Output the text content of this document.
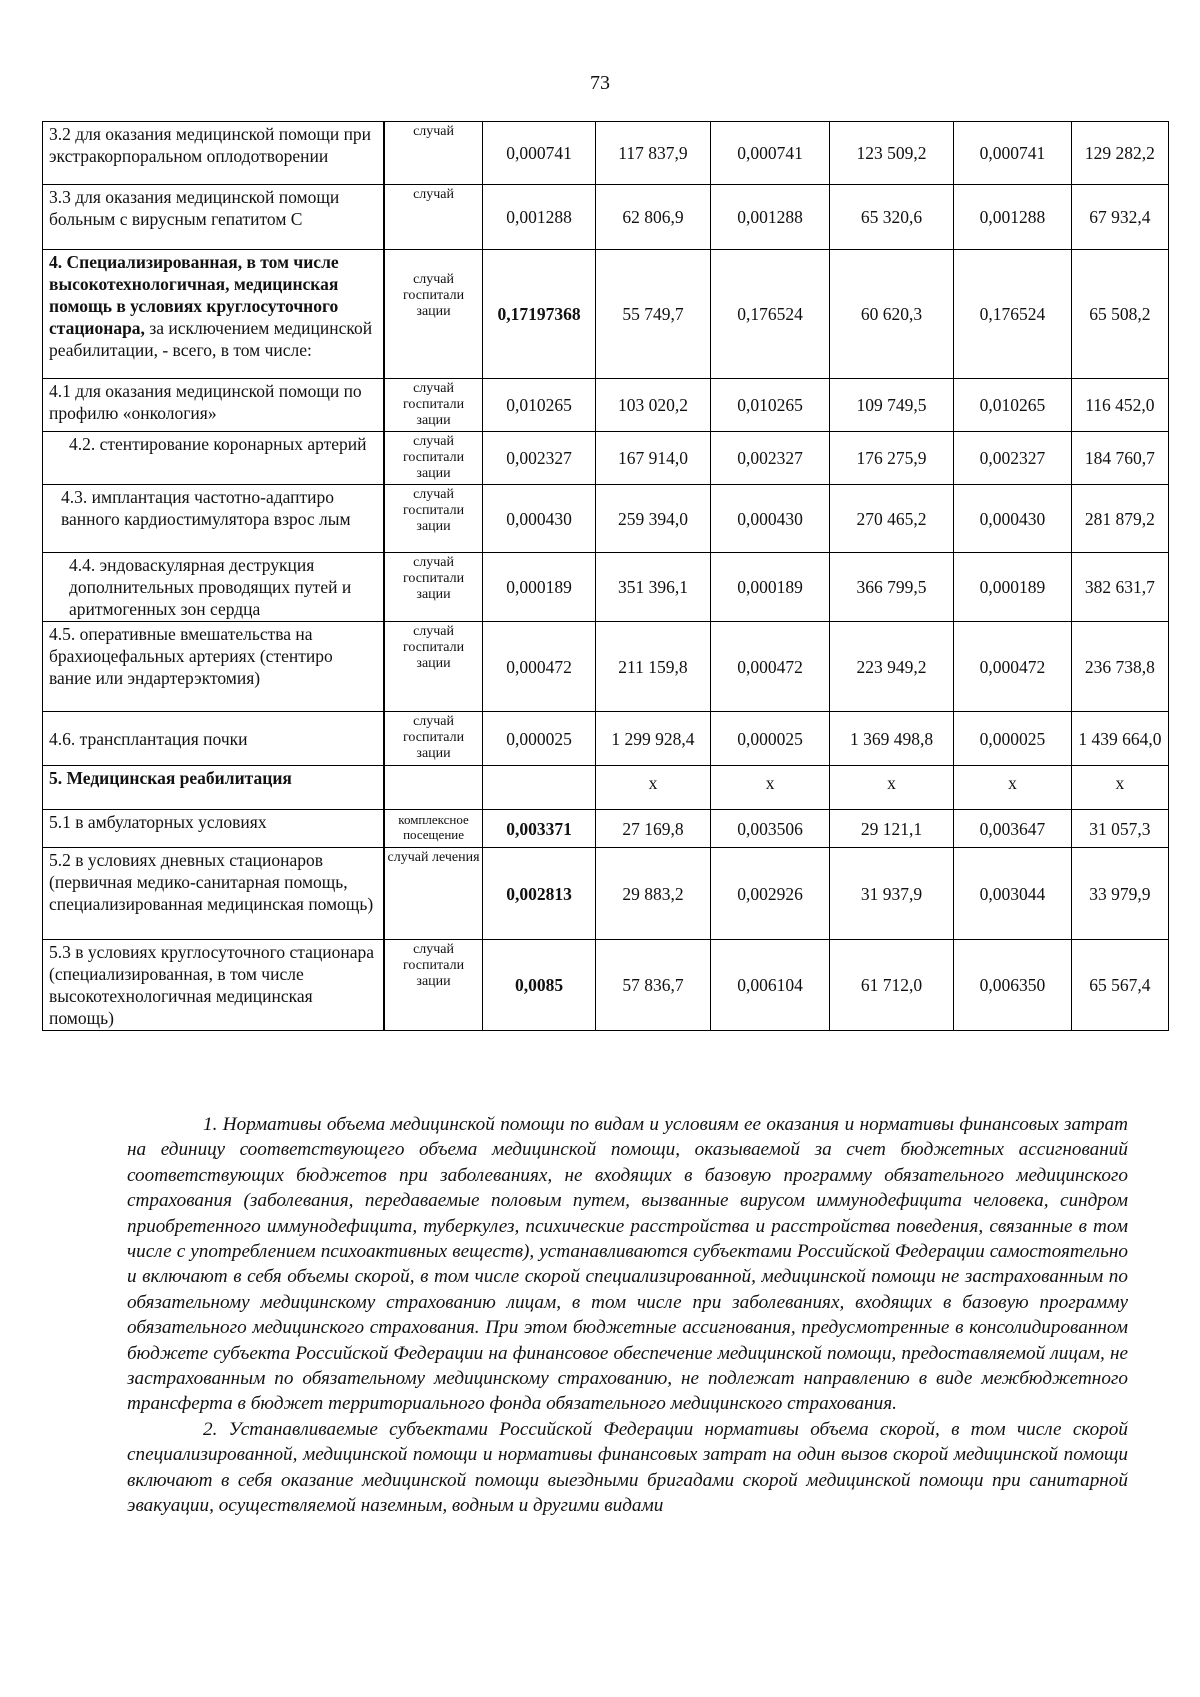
73
3.2 для оказания медицинской помощи при экстракорпоральном оплодотворении	случай	0,000741	117 837,9	0,000741	123 509,2	0,000741	129 282,2
3.3 для оказания медицинской помощи больным с вирусным гепатитом С	случай	0,001288	62 806,9	0,001288	65 320,6	0,001288	67 932,4
4. Специализированная, в том числе высокотехнологичная, медицинская помощь в условиях круглосуточного стационара, за исключением медицинской реабилитации, - всего, в том числе:	случай госпитали зации	0,17197368	55 749,7	0,176524	60 620,3	0,176524	65 508,2
4.1 для оказания медицинской помощи по профилю «онкология»	случай госпитали зации	0,010265	103 020,2	0,010265	109 749,5	0,010265	116 452,0
4.2. стентирование коронарных артерий	случай госпитали зации	0,002327	167 914,0	0,002327	176 275,9	0,002327	184 760,7
4.3. имплантация частотно-адаптиро ванного кардиостимулятора взрос лым	случай госпитали зации	0,000430	259 394,0	0,000430	270 465,2	0,000430	281 879,2
4.4. эндоваскулярная деструкция дополнительных проводящих путей и аритмогенных зон сердца	случай госпитали зации	0,000189	351 396,1	0,000189	366 799,5	0,000189	382 631,7
4.5. оперативные вмешательства на брахиоцефальных артериях (стентиро вание или эндартерэктомия)	случай госпитали зации	0,000472	211 159,8	0,000472	223 949,2	0,000472	236 738,8
4.6. трансплантация почки	случай госпитали зации	0,000025	1 299 928,4	0,000025	1 369 498,8	0,000025	1 439 664,0
5. Медицинская реабилитация			х	х	х	х	х
5.1 в амбулаторных условиях	комплексное посещение	0,003371	27 169,8	0,003506	29 121,1	0,003647	31 057,3
5.2 в условиях дневных стационаров (первичная медико-санитарная помощь, специализированная медицинская помощь)	случай лечения	0,002813	29 883,2	0,002926	31 937,9	0,003044	33 979,9
5.3 в условиях круглосуточного стационара (специализированная, в том числе высокотехнологичная медицинская помощь)	случай госпитали зации	0,0085	57 836,7	0,006104	61 712,0	0,006350	65 567,4

1. Нормативы объема медицинской помощи по видам и условиям ее оказания и нормативы финансовых затрат на единицу соответствующего объема медицинской помощи, оказываемой за счет бюджетных ассигнований соответствующих бюджетов при заболеваниях, не входящих в базовую программу обязательного медицинского страхования (заболевания, передаваемые половым путем, вызванные вирусом иммунодефицита человека, синдром приобретенного иммунодефицита, туберкулез, психические расстройства и расстройства поведения, связанные в том числе с употреблением психоактивных веществ), устанавливаются субъектами Российской Федерации самостоятельно и включают в себя объемы скорой, в том числе скорой специализированной, медицинской помощи не застрахованным по обязательному медицинскому страхованию лицам, в том числе при заболеваниях, входящих в базовую программу обязательного медицинского страхования. При этом бюджетные ассигнования, предусмотренные в консолидированном бюджете субъекта Российской Федерации на финансовое обеспечение медицинской помощи, предоставляемой лицам, не застрахованным по обязательному медицинскому страхованию, не подлежат направлению в виде межбюджетного трансферта в бюджет территориального фонда обязательного медицинского страхования.

2. Устанавливаемые субъектами Российской Федерации нормативы объема скорой, в том числе скорой специализированной, медицинской помощи и нормативы финансовых затрат на один вызов скорой медицинской помощи включают в себя оказание медицинской помощи выездными бригадами скорой медицинской помощи при санитарной эвакуации, осуществляемой наземным, водным и другими видами
